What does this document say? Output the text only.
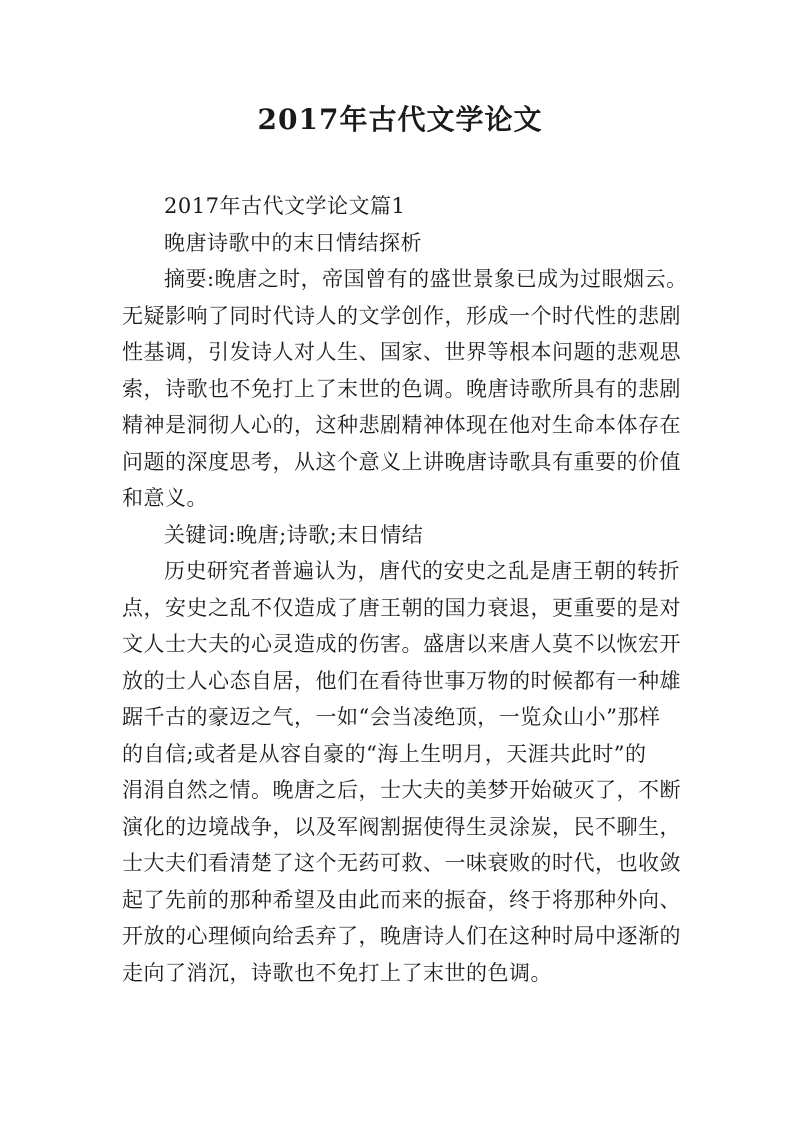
2017年古代文学论文
2017年古代文学论文篇1
晚唐诗歌中的末日情结探析
摘要:晚唐之时，帝国曾有的盛世景象已成为过眼烟云。
无疑影响了同时代诗人的文学创作，形成一个时代性的悲剧
性基调，引发诗人对人生、国家、世界等根本问题的悲观思
索，诗歌也不免打上了末世的色调。晚唐诗歌所具有的悲剧
精神是洞彻人心的，这种悲剧精神体现在他对生命本体存在
问题的深度思考，从这个意义上讲晚唐诗歌具有重要的价值
和意义。
关键词:晚唐;诗歌;末日情结
历史研究者普遍认为，唐代的安史之乱是唐王朝的转折
点，安史之乱不仅造成了唐王朝的国力衰退，更重要的是对
文人士大夫的心灵造成的伤害。盛唐以来唐人莫不以恢宏开
放的士人心态自居，他们在看待世事万物的时候都有一种雄
踞千古的豪迈之气，一如“会当凌绝顶，一览众山小”那样
的自信;或者是从容自豪的“海上生明月，天涯共此时”的
涓涓自然之情。晚唐之后，士大夫的美梦开始破灭了，不断
演化的边境战争，以及军阀割据使得生灵涂炭，民不聊生，
士大夫们看清楚了这个无药可救、一味衰败的时代，也收敛
起了先前的那种希望及由此而来的振奋，终于将那种外向、
开放的心理倾向给丢弃了，晚唐诗人们在这种时局中逐渐的
走向了消沉，诗歌也不免打上了末世的色调。
